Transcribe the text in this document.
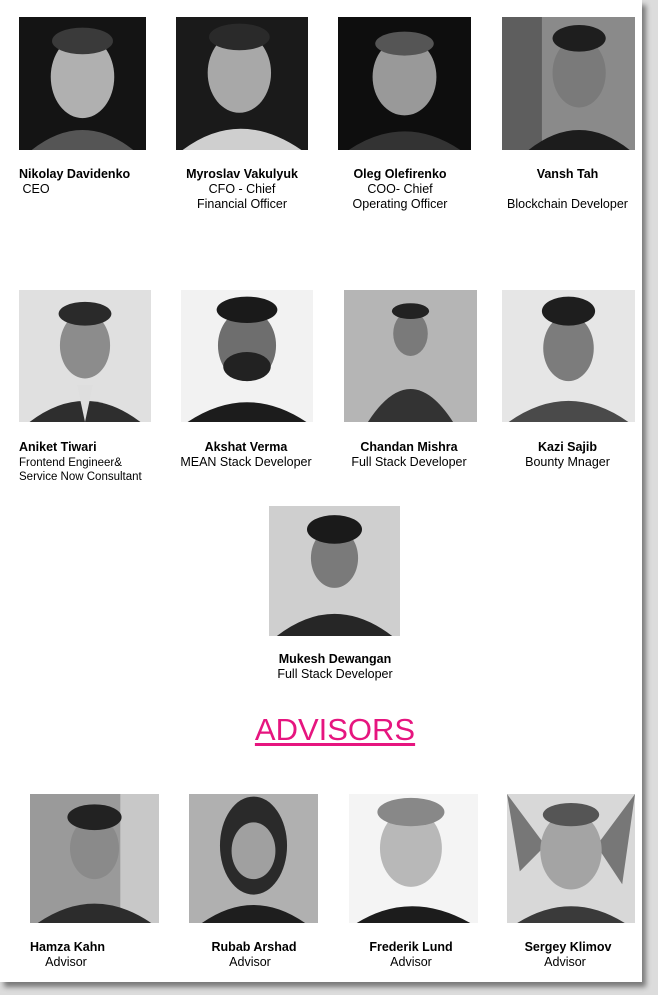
Nikolay Davidenko
CEO
Myroslav Vakulyuk
CFO - Chief
Financial Officer
Oleg Olefirenko
COO- Chief
Operating Officer
Vansh Tah
Blockchain Developer
Aniket Tiwari
Frontend Engineer&
Service Now Consultant
Akshat Verma
MEAN Stack Developer
Chandan Mishra
Full Stack Developer
Kazi Sajib
Bounty Mnager
Mukesh Dewangan
Full Stack Developer
ADVISORS
Hamza Kahn
Advisor
Rubab Arshad
Advisor
Frederik Lund
Advisor
Sergey Klimov
Advisor
